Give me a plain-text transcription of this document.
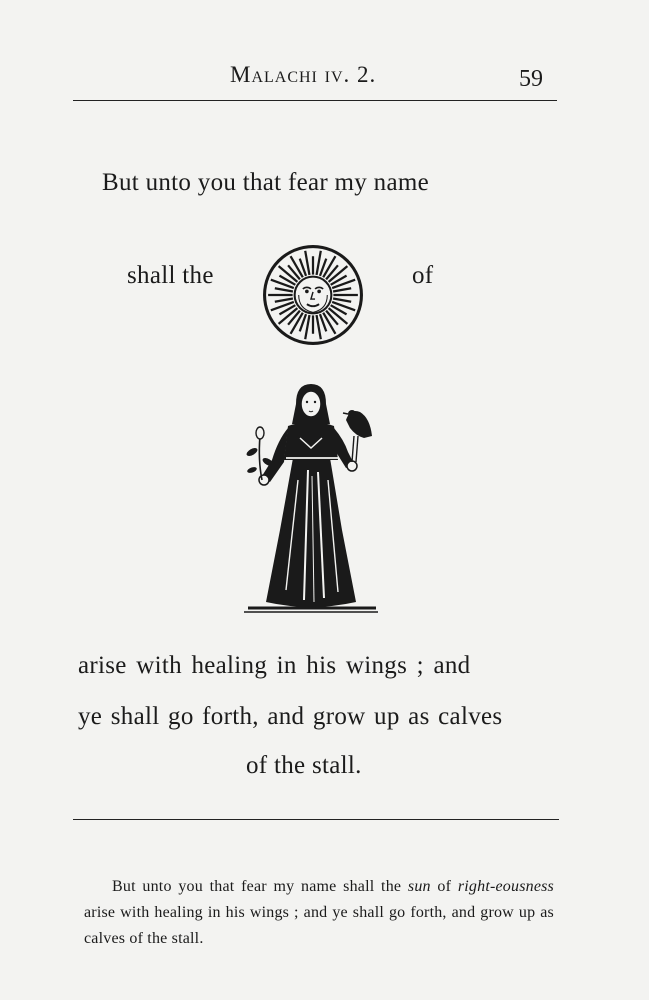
Malachi iv. 2.	59
But unto you that fear my name
shall the	of
arise with healing in his wings ; and
ye shall go forth, and grow up as calves
of the stall.

But unto you that fear my name shall the sun of right-eousness arise with healing in his wings ; and ye shall go forth, and grow up as calves of the stall.
